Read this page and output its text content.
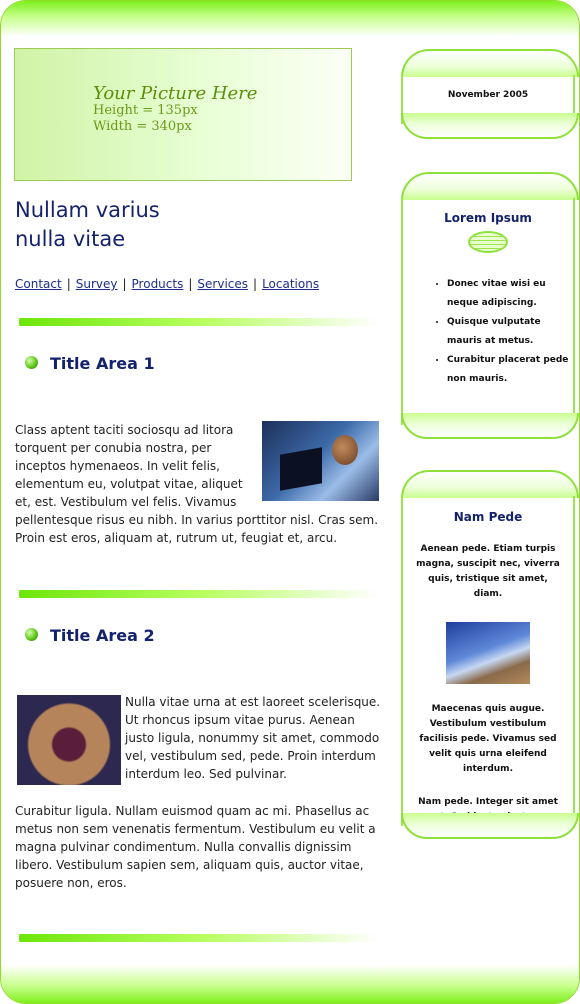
Your Picture Here
Height = 135px
Width = 340px
Nullam varius
nulla vitae
Contact | Survey | Products | Services | Locations
Title Area 1
Class aptent taciti sociosqu ad litora torquent per conubia nostra, per inceptos hymenaeos. In velit felis, elementum eu, volutpat vitae, aliquet et, est. Vestibulum vel felis. Vivamus pellentesque risus eu nibh. In varius porttitor nisl. Cras sem. Proin est eros, aliquam at, rutrum ut, feugiat et, arcu.
Title Area 2
Nulla vitae urna at est laoreet scelerisque. Ut rhoncus ipsum vitae purus. Aenean justo ligula, nonummy sit amet, commodo vel, vestibulum sed, pede. Proin interdum interdum leo. Sed pulvinar.
Curabitur ligula. Nullam euismod quam ac mi. Phasellus ac metus non sem venenatis fermentum. Vestibulum eu velit a magna pulvinar condimentum. Nulla convallis dignissim libero. Vestibulum sapien sem, aliquam quis, auctor vitae, posuere non, eros.
November 2005
Lorem Ipsum
• Donec vitae wisi eu neque adipiscing.
• Quisque vulputate mauris at metus.
• Curabitur placerat pede non mauris.
Nam Pede
Aenean pede. Etiam turpis magna, suscipit nec, viverra quis, tristique sit amet, diam.
Maecenas quis augue. Vestibulum vestibulum facilisis pede. Vivamus sed velit quis urna eleifend interdum.
Nam pede. Integer sit amet
